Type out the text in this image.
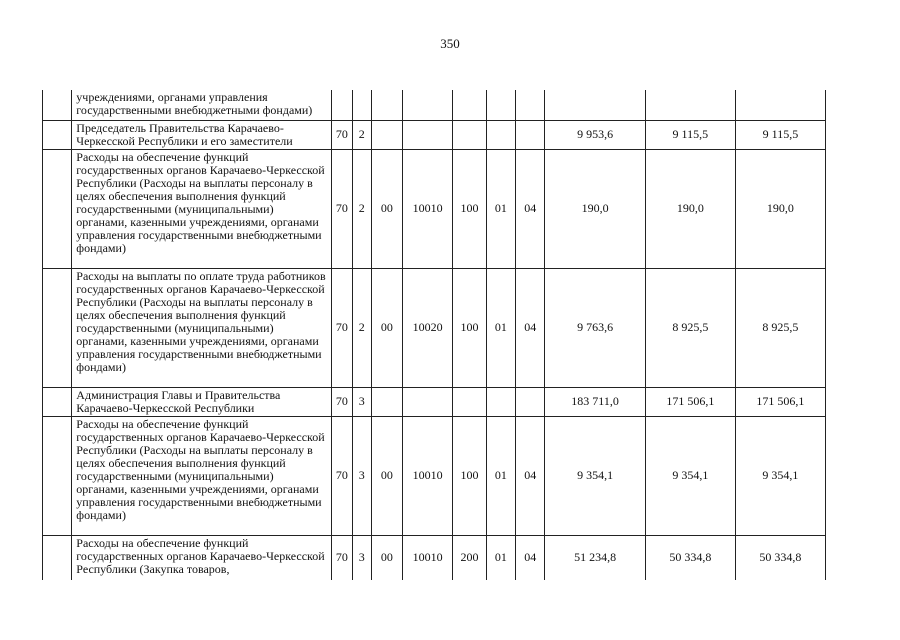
350
	учреждениями, органами управления государственными внебюджетными фондами)										
	Председатель Правительства Карачаево-Черкесской Республики и его заместители	70	2						9 953,6	9 115,5	9 115,5
	Расходы на обеспечение функций государственных органов Карачаево-Черкесской Республики (Расходы на выплаты персоналу в целях обеспечения выполнения функций государственными (муниципальными) органами, казенными учреждениями, органами управления государственными внебюджетными фондами)	70	2	00	10010	100	01	04	190,0	190,0	190,0
	Расходы на выплаты по оплате труда работников государственных органов Карачаево-Черкесской Республики (Расходы на выплаты персоналу в целях обеспечения выполнения функций государственными (муниципальными) органами, казенными учреждениями, органами управления государственными внебюджетными фондами)	70	2	00	10020	100	01	04	9 763,6	8 925,5	8 925,5
	Администрация Главы и Правительства Карачаево-Черкесской Республики	70	3						183 711,0	171 506,1	171 506,1
	Расходы на обеспечение функций государственных органов Карачаево-Черкесской Республики (Расходы на выплаты персоналу в целях обеспечения выполнения функций государственными (муниципальными) органами, казенными учреждениями, органами управления государственными внебюджетными фондами)	70	3	00	10010	100	01	04	9 354,1	9 354,1	9 354,1
	Расходы на обеспечение функций государственных органов Карачаево-Черкесской Республики (Закупка товаров,	70	3	00	10010	200	01	04	51 234,8	50 334,8	50 334,8
